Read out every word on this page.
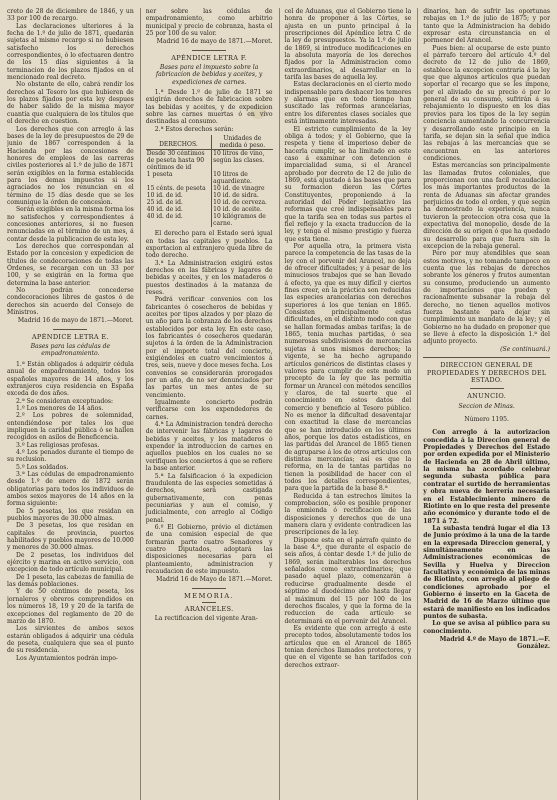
creto de 28 de diciembre de 1846, y un 33 por 100 de recargo.

Las declaraciones ulteriores á la fecha de 1.º de julio de 1871, quedarán sujetas al mismo recargo si no hubiesen satisfecho los derechos correspondientes, ó lo efectuaren dentro de los 15 días siguientes á la terminacion de los plazos fijados en el mencionado real decreto.

No obstante de ello, cabrá rendir los derechos al Tesoro los que hubieren de los plazos fijados por esta ley despues de haber salido de la misma mayor cuantía que cualquiera de los títulos que el derecho en cuestion.

Los derechos que con arreglo á las bases de la ley de presupuestos de 29 de junio de 1867 corresponden á la Hacienda por las concesiones de honores de empleos de las carreras civiles posteriores al 1.º de julio de 1871 serán exigibles en la forma establecida para los demas impuestos si los agraciados no los renuncian en el término de 15 días desde que se les comunique la órden de concesion.

Serán exigibles en la misma forma los no satisfechos y correspondientes á concesiones anteriores, si no fuesen renunciadas en el término de un mes, á contar desde la publicacion de esta ley.

Los derechos que correspondan al Estado por la concesion y expedicion de títulos de condecoraciones de todas las Órdenes, se recargan con un 33 por 100, y se exigirán en la forma que determina la base anterior.

No podrán concederse condecoraciones libres de gastos ó de derechos sin acuerdo del Consejo de Ministros.

Madrid 16 de mayo de 1871.—Moret.

APÉNDICE LETRA E.

Bases para las cédulas de empadronamiento.

1.ª Están obligados á adquirir cédula anual de empadronamiento, todos los españoles mayores de 14 años, y los extranjeros cuya residencia en España exceda de dos años.

2.ª Se consideran exceptuados:

1.º Los menores de 14 años.

2.º Los pobres de solemnidad, entendiéndose por tales los que impliquen la caridad pública ó se hallen recogidos en asilos de Beneficencia.

3.º Las religiosas profesas.

4.º Los penados durante el tiempo de su reclusion.

5.º Los soldados.

3.ª Las cédulas de empadronamiento desde 1.º de enero de 1872 serán obligatorias para todos los individuos de ambos sexos mayores de 14 años en la forma siguiente:

De 5 pesetas, los que residan en pueblos mayores de 30.000 almas.

De 3 pesetas, los que residan en capitales de provincia, puertos habilitados y pueblos mayores de 10.000 y menores de 30.000 almas.

De 2 pesetas, los individuos del ejército y marina en activo servicio, con excepcion de todo artículo municipal.

De 1 peseta, las cabezas de familia de las demás poblaciones.

Y de 50 céntimos de peseta, los jornaleros y obreros comprendidos en los números 18, 19 y 20 de la tarifa de excepciones del reglamento de 20 de marzo de 1870.

Los sirvientes de ambos sexos estarán obligados á adquirir una cédula de peseta, cualquiera que sea el punto de su residencia.

Los Ayuntamientos podrán impo-

ner sobre las cédulas de empadronamiento, como arbitrio municipal y precio de cobranza, hasta el 25 por 100 de su valor.

Madrid 16 de mayo de 1871.—Moret.

APÉNDICE LETRA F.

Bases para el impuesto sobre la fabricacion de bebidas y aceites, y expediciones de carnes.

1.ª Desde 1.º de julio de 1871 se exigirán derechos de fabricacion sobre las bebidas y aceites, y de expedicion sobre las carnes muertas ó en vivo destinadas al consumo.

2.ª Estos derechos serán:

DERECHOS.	Unidades de medida ó peso.
Desde 30 céntimos de peseta hasta 90 céntimos de id	10 litros de vino, según las clases.
1 peseta	10 litros de aguardiente.
15 cénts. de peseta	10 id. de vinagre
10 id. de id.	10 id. de sidra.
25 id. de id.	10 id. de cerveza.
40 id. de id.	10 id. de aceite.
40 id. de id.	10 kilógramos de carne.

El derecho para el Estado será igual en todas las capitales y pueblos. La exportacion al extranjero queda libre de todo derecho.

3.ª La Administracion exigirá estos derechos en las fábricas y lagares de bebidas y aceites, y en los mataderos ó puestos destinados á la matanza de reses.

Podrá verificar convenios con los fabricantes ó cosecheros de bebidas y aceites por tipos alzados y por plazo de un año para la cobranza de los derechos establecidos por esta ley. En este caso, los fabricantes ó cosecheros quedarán sujetos á la órden de la Administracion por el importe total del concierto, exigiéndoles en cuatro vencimientos á tres, seis, nueve y doce meses fecha. Los convenios se considerarán prorogados por un año, de no ser denunciados por las partes un mes antes de su vencimiento.

Igualmente concierto podrán verificarse con los expendedores de carnes.

4.ª La Administracion tendrá derecho de intervenir las fábricas y lagares de bebidas y aceites, y los mataderos ó expender la introduccion de carnes en aquellos pueblos en los cuales no se verifiquen los conciertos á que se refiere la base anterior.

5.ª La falsificacion ó la expedicion fraudulenta de las especies sometidas á derechos, será castigada gubernativamente, con penas pecuniarias y aun el comiso, y judicialmente, con arreglo al Código penal.

6.º El Gobierno, prévio el dictámen de una comision especial de que formarán parte cuatro Senadores y cuatro Diputados, adoptará las disposiciones necesarias para el planteamiento, administracion y recaudacion de este impuesto.

Madrid 16 de Mayo de 1871.—Moret.

MEMORIA.

ARANCELES.

La rectificacion del vigente Aran-

cel de Aduanas, que el Gobierno tiene la honra de proponer á las Córtes, se ajusta en un punto principal á la prescripciones del Apéndice letra C de la ley de presupuestos. Ya la 1.º de julio de 1869, si introduce modificaciones en la absoluta mayoría de los derechos fijados por la Administracion como extraordinarios, al desarrollar en la tarifa las bases de aquella ley.

Estas declaraciones en el cierto modo indispensable para deshacer los temores y alarmas que en todo tiempo han suscitado las reformas arancelarias, entre los diferentes clases sociales que está íntimamente interesadas.

El estricto cumplimiento de la ley obliga á todos; y el Gobierno, que la respeta y tiene el imperioso deber de hacerla cumplir, se ha limitado en este caso á examinar con detencion é imparcialidad suma, si el Arancel aprobado por decreto de 12 de julio de 1869, está ajustado á las bases que para su formacion dieron las Córtes Constituyentes, proponiendo á la autoridad del Poder legislativo las reformas que creé indispensables para que la tarifa sea en todas sus partes el fiel reflejo y la exacta traduccion de la ley, y tenga el mismo prestigio y fuerza que esta tiene.

Por aquella otra, la primera vista parece la competencia de las tasas de la ley con el porvenir del Arancel, no deja de ofrecer dificultades; y á pesar de los minuciosos trabajos que se han llevado á efecto, ya que es muy difícil y ciertos fines creer, en la práctica son reducidas las especies arancelarias con derechos superiores á los que tenian en 1865. Consisten principalmente estas dificultades, en el distinto modo con que se hallan formadas ambas tarifas; la de 1865, tenia muchas partidas, ó sea numerosas subdivisiones de mercancías sujetas á unos mismos derechos; la vigente, se ha hecho agrupando artículos genéricos de distintas clases y valores para cumplir de este modo un precepto de la ley que las permitia formar un Arancel con métodos sencillos y claros, de tal suerte que el conocimiento en estos datos del comercio y beneficio al Tesoro público. No es menor la dificultad desaventajar con exactitud la clase de mercancías que se han introducido en los últimos años, porque los datos estadísticos, en las partidas del Arancel de 1865 tienen de agruparse á los de otros artículos con distintas mercancías; así es que la reforma, en la de tantas partidas no tienen la posibilidad de hacer con el todos los detalles correspondientes, para que la partida de la base 8.ª

Reducida á tan estrechos límites la comprobacion, sólo es posible proponer la enmienda ó rectificacion de las disposiciones y derechos que de una manera clara y evidente contradicen las prescripciones de la ley.

Dispone esta en el párrafo quinto de la base 4.ª, que durante el espacio de seis años, á contar desde 1.º de julio de 1869, serán inalterables los derechos señalados como extraordinarios; que pasado aquel plazo, comenzarán á reducirse gradualmente desde el séptimo al duodécimo año hasta llegar al máximum del 15 por 100 de los derechos fiscales, y que la forma de la reduccion de cada artículo se determinará en el porvenir del Arancel.

Es evidente que con arreglo á este precepto todos, absolutamente todos los artículos que en el Arancel de 1865 tenian derechos llamados protectores, y que en el vigente se han tarifados con derechos extraor-

dinarios, han de sufrir las oportunas rebajas en 1.º de julio de 1875; y por tanto que la Administracion ha debido expresar esta circunstancia en el pormenor del Arancel.

Pues bien: al ocuparse de este punto el párrafo tercero del artículo 4.º del decreto de 12 de julio de 1869, establece la excepcion contraria á la ley que que algunos artículos que puedan soportar el recargo que se les impone, por el aliviado de su precio ó por lo general de su consumo, sufrirán á su rebajamiento lo dispuesto en los días previos para los tipos de la ley según conciencia aumentando la concurrencia y desarrollando este principio en la tarifa, se dejan sin la señal que indica las rebajas á las mercancías que se encuentran en las anteriores condiciones.

Estas mercancías son principalmente las llamadas frutos coloniales, que proporcionan con una facil recaudacion los más importantes productos de la renta de Aduanas sin afectar grandes perjuicios de todo el orden, y que según ha demostrado la experiencia, nunca tuvieron la proteccion otra cosa que la expectativa del monopolio, desde de la dirección de su origen ó que ha quedado su desarrollo para que fuera sin la excepcion de la rebaja general.

Pero por muy atendibles que sean estos motivos, y no tomando tampoco en cuenta que las rebajas de derechos sobrante los géneros y frutos aumentan su consumo, produciendo un aumento de importaciones que pueden y racionalmente subsanar la rebaja del derecho, no tienen aquellos motivos fuerza bastante para dejar sin cumplimiento un mandato de la ley; y el Gobierno no ha dudado en proponer que se lleve á efecto la disposicion 1.ª del adjunto proyecto.

(Se continuará.)

DIRECCION GENERAL DE PROPIEDADES Y DERECHOS DEL ESTADO.

ANUNCIO.

Seccion de Minas.

Número 1195.

Con arreglo á la autorizacion concedida á la Direccion general de Propiedades y Derechos del Estado por orden expedida por el Ministerio de Hacienda en 28 de Abril último, la misma ha acordado celebrar segunda subasta pública para contratar el surtido de herramientas y obra nueva de herrería necesaria en el Establecimiento minero de Riotinto en lo que resta del presente año económico y durante todo el de 1871 á 72.

La subasta tendrá lugar el dia 13 de Junio próximo á la una de la tarde en la expresada Direccion general, y simultáneamente en las Administraciones económicas de Sevilla y Huelva y Direccion facultativa y económica de las minas de Riotinto, con arreglo al pliego de condiciones aprobado por el Gobierno é inserto en la Gaceta de Madrid de 16 de Marzo último que estará de manifiesto en los indicados puntos de subasta.

Lo que se avisa al público para su conocimiento.

Madrid 4.º de Mayo de 1871.—F. González.
